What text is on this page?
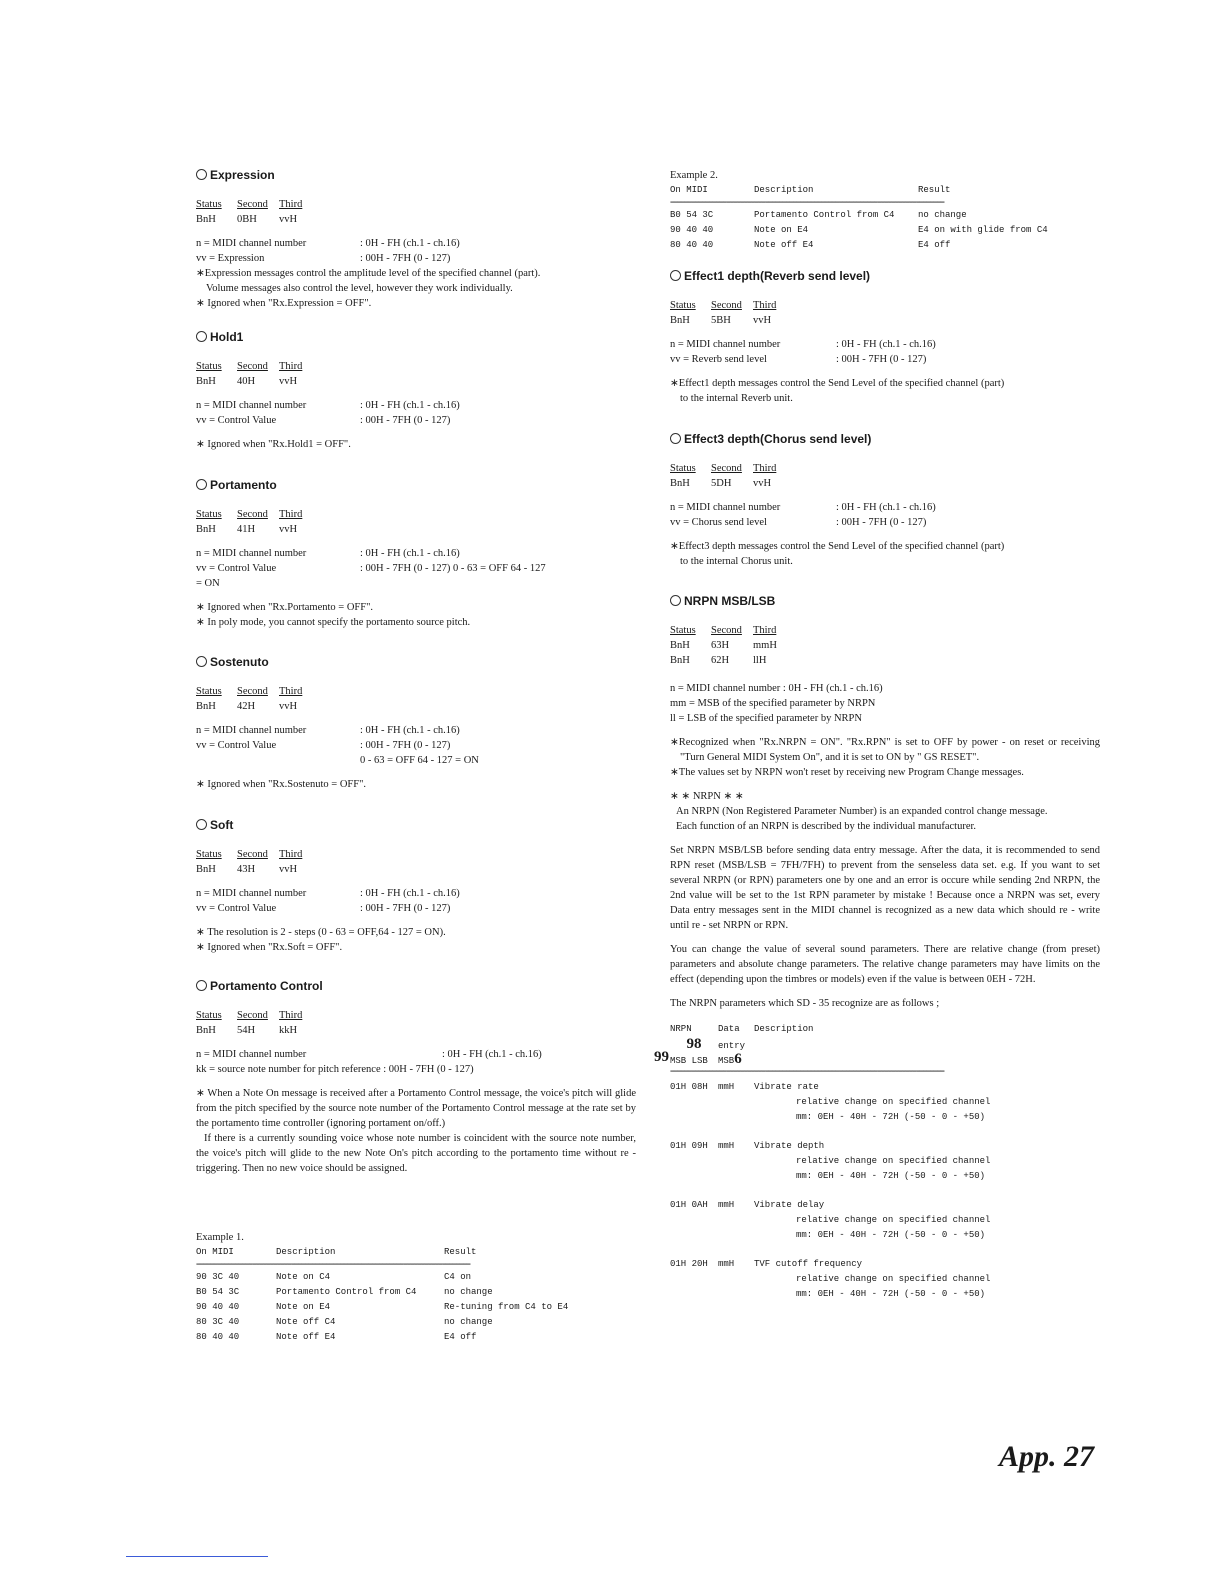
Expression
Status Second Third
BnH 0BH vvH
n = MIDI channel number	: 0H - FH (ch.1 - ch.16)
vv = Expression	: 00H - 7FH (0 - 127)
∗Expression messages control the amplitude level of the specified channel (part).
Volume messages also control the level, however they work individually.
∗ Ignored when "Rx.Expression = OFF".
Hold1
Status Second Third
BnH 40H vvH
n = MIDI channel number	: 0H - FH (ch.1 - ch.16)
vv = Control Value	: 00H - 7FH (0 - 127)
∗ Ignored when "Rx.Hold1 = OFF".
Portamento
Status Second Third
BnH 41H vvH
n = MIDI channel number	: 0H - FH (ch.1 - ch.16)
vv = Control Value	: 00H - 7FH (0 - 127) 0 - 63 = OFF 64 - 127
= ON
∗ Ignored when "Rx.Portamento = OFF".
∗ In poly mode, you cannot specify the portamento source pitch.
Sostenuto
Status Second Third
BnH 42H vvH
n = MIDI channel number	: 0H - FH (ch.1 - ch.16)
vv = Control Value	: 00H - 7FH (0 - 127)
0 - 63 = OFF 64 - 127 = ON
∗ Ignored when "Rx.Sostenuto = OFF".
Soft
Status Second Third
BnH 43H vvH
n = MIDI channel number	: 0H - FH (ch.1 - ch.16)
vv = Control Value	: 00H - 7FH (0 - 127)
∗ The resolution is 2 - steps (0 - 63 = OFF,64 - 127 = ON).
∗ Ignored when "Rx.Soft = OFF".
Portamento Control
Status Second Third
BnH 54H kkH
n = MIDI channel number	: 0H - FH (ch.1 - ch.16)
kk = source note number for pitch reference : 00H - 7FH (0 - 127)
∗ When a Note On message is received after a Portamento Control message, the voice's pitch will glide from the pitch specified by the source note number of the Portamento Control message at the rate set by the portamento time controller (ignoring portament on/off.)
If there is a currently sounding voice whose note number is coincident with the source note number, the voice's pitch will glide to the new Note On's pitch according to the portamento time without re - triggering. Then no new voice should be assigned.
Example 1.
On MIDI	Description	Result
==============================================================================
90 3C 40	Note on C4	C4 on
B0 54 3C	Portamento Control from C4	no change
90 40 40	Note on E4	Re-tuning from C4 to E4
80 3C 40	Note off C4	no change
80 40 40	Note off E4	E4 off
Example 2.
On MIDI	Description	Result
==============================================================================
B0 54 3C	Portamento Control from C4	no change
90 40 40	Note on E4	E4 on with glide from C4
80 40 40	Note off E4	E4 off
Effect1 depth(Reverb send level)
Status Second Third
BnH 5BH vvH
n = MIDI channel number	: 0H - FH (ch.1 - ch.16)
vv = Reverb send level	: 00H - 7FH (0 - 127)
∗Effect1 depth messages control the Send Level of the specified channel (part)
to the internal Reverb unit.
Effect3 depth(Chorus send level)
Status Second Third
BnH 5DH vvH
n = MIDI channel number	: 0H - FH (ch.1 - ch.16)
vv = Chorus send level	: 00H - 7FH (0 - 127)
∗Effect3 depth messages control the Send Level of the specified channel (part)
to the internal Chorus unit.
NRPN MSB/LSB
Status Second Third
BnH 63H mmH
BnH 62H llH
n = MIDI channel number : 0H - FH (ch.1 - ch.16)
mm = MSB of the specified parameter by NRPN
ll = LSB of the specified parameter by NRPN
∗Recognized when "Rx.NRPN = ON". "Rx.RPN" is set to OFF by power - on reset or receiving "Turn General MIDI System On", and it is set to ON by " GS RESET".
∗The values set by NRPN won't reset by receiving new Program Change messages.
∗ ∗ NRPN ∗ ∗
An NRPN (Non Registered Parameter Number) is an expanded control change message.
Each function of an NRPN is described by the individual manufacturer.
Set NRPN MSB/LSB before sending data entry message. After the data, it is recommended to send RPN reset (MSB/LSB = 7FH/7FH) to prevent from the senseless data set. e.g. If you want to set several NRPN (or RPN) parameters one by one and an error is occure while sending 2nd NRPN, the 2nd value will be set to the 1st RPN parameter by mistake ! Because once a NRPN was set, every Data entry messages sent in the MIDI channel is recognized as a new data which should re - write until re - set NRPN or RPN.
You can change the value of several sound parameters. There are relative change (from preset) parameters and absolute change parameters. The relative change parameters may have limits on the effect (depending upon the timbres or models) even if the value is between 0EH - 72H.
The NRPN parameters which SD - 35 recognize are as follows ;
NRPN	Data Description
98 entry
99 MSB LSB MSB6
==============================================================================
01H 08H mmH Vibrate rate
relative change on specified channel
mm: 0EH - 40H - 72H (-50 - 0 - +50)
01H 09H mmH Vibrate depth
relative change on specified channel
mm: 0EH - 40H - 72H (-50 - 0 - +50)
01H 0AH mmH Vibrate delay
relative change on specified channel
mm: 0EH - 40H - 72H (-50 - 0 - +50)
01H 20H mmH TVF cutoff frequency
relative change on specified channel
mm: 0EH - 40H - 72H (-50 - 0 - +50)
App. 27
